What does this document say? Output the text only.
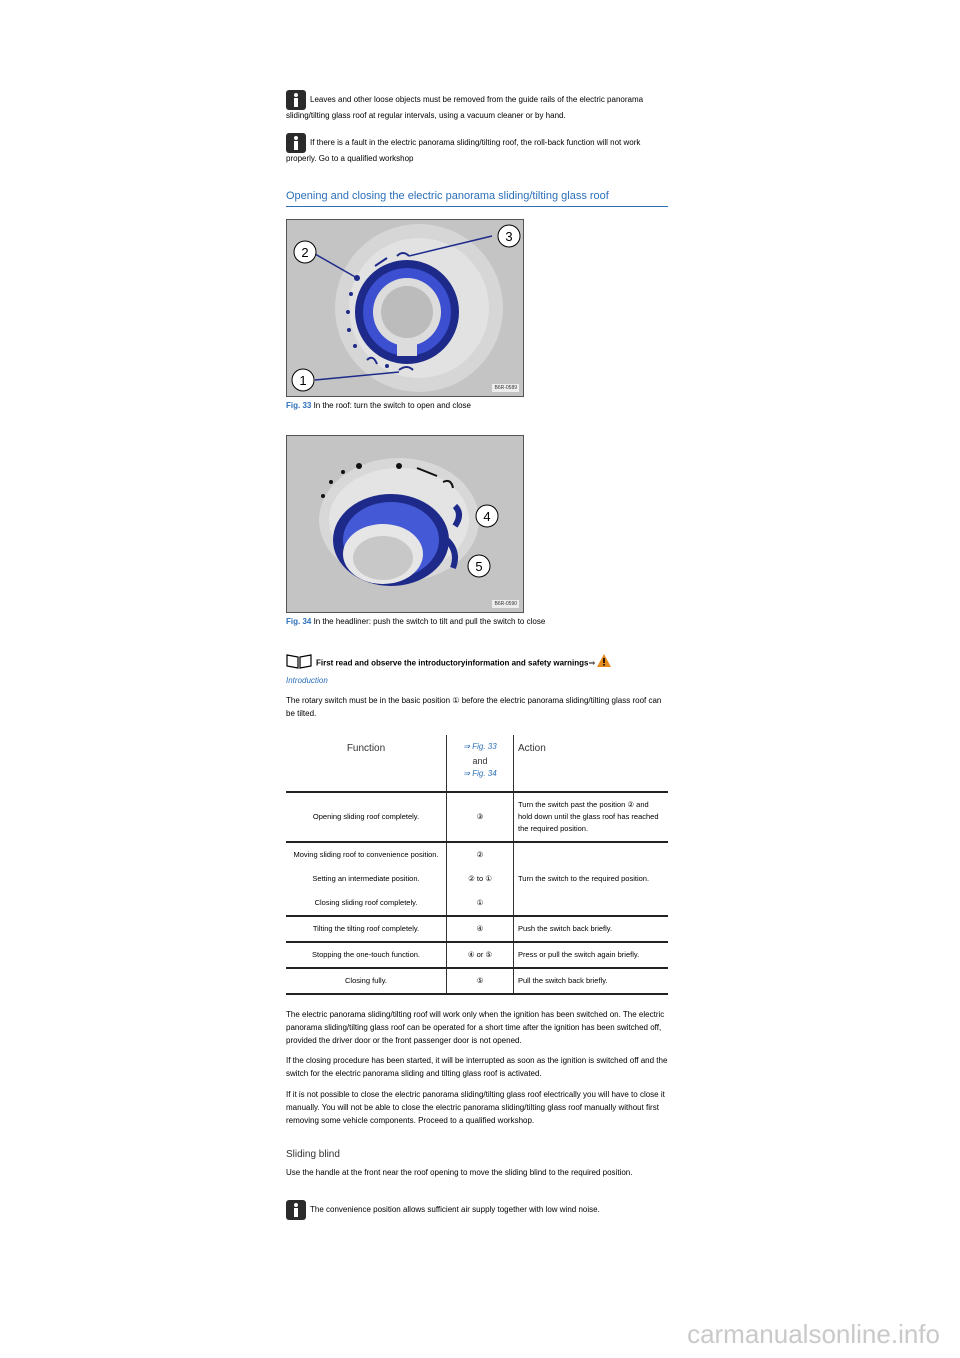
Leaves and other loose objects must be removed from the guide rails of the electric panorama sliding/tilting glass roof at regular intervals, using a vacuum cleaner or by hand.

If there is a fault in the electric panorama sliding/tilting roof, the roll-back function will not work properly. Go to a qualified workshop

Opening and closing the electric panorama sliding/tilting glass roof
2
3
1	B6R-0589
Fig. 33 In the roof: turn the switch to open and close
4
5
B6R-0590
Fig. 34 In the headliner: push the switch to tilt and pull the switch to close
First read and observe the introductoryinformation and safety warnings⇒
Introduction
The rotary switch must be in the basic position ① before the electric panorama sliding/tilting glass roof can be tilted.
Function	⇒ Fig. 33
and
⇒ Fig. 34	Action
Opening sliding roof completely.	③	Turn the switch past the position ② and hold down until the glass roof has reached the required position.
Moving sliding roof to convenience position.	②	Turn the switch to the required position.
Setting an intermediate position.	② to ①	
Closing sliding roof completely.	①	
Tilting the tilting roof completely.	④	Push the switch back briefly.
Stopping the one-touch function.	④ or ⑤	Press or pull the switch again briefly.
Closing fully.	⑤	Pull the switch back briefly.
The electric panorama sliding/tilting roof will work only when the ignition has been switched on. The electric panorama sliding/tilting glass roof can be operated for a short time after the ignition has been switched off, provided the driver door or the front passenger door is not opened.
If the closing procedure has been started, it will be interrupted as soon as the ignition is switched off and the switch for the electric panorama sliding and tilting glass roof is activated.
If it is not possible to close the electric panorama sliding/tilting glass roof electrically you will have to close it manually. You will not be able to close the electric panorama sliding/tilting glass roof manually without first removing some vehicle components. Proceed to a qualified workshop.
Sliding blind
Use the handle at the front near the roof opening to move the sliding blind to the required position.

The convenience position allows sufficient air supply together with low wind noise.

carmanualsonline.info
